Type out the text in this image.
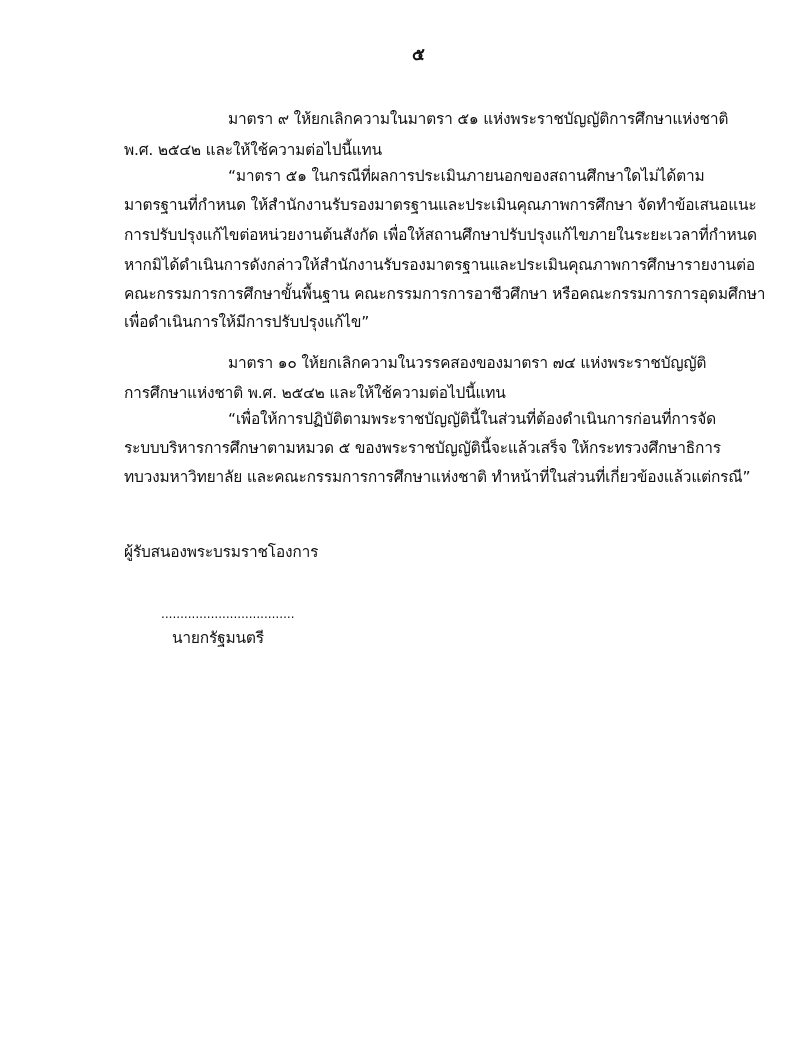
๕
มาตรา ๙ ให้ยกเลิกความในมาตรา ๕๑ แห่งพระราชบัญญัติการศึกษาแห่งชาติ
พ.ศ. ๒๕๔๒ และให้ใช้ความต่อไปนี้แทน
“มาตรา ๕๑ ในกรณีที่ผลการประเมินภายนอกของสถานศึกษาใดไม่ได้ตาม
มาตรฐานที่กำหนด ให้สำนักงานรับรองมาตรฐานและประเมินคุณภาพการศึกษา จัดทำข้อเสนอแนะ
การปรับปรุงแก้ไขต่อหน่วยงานต้นสังกัด เพื่อให้สถานศึกษาปรับปรุงแก้ไขภายในระยะเวลาที่กำหนด
หากมิได้ดำเนินการดังกล่าวให้สำนักงานรับรองมาตรฐานและประเมินคุณภาพการศึกษารายงานต่อ
คณะกรรมการการศึกษาขั้นพื้นฐาน คณะกรรมการการอาชีวศึกษา หรือคณะกรรมการการอุดมศึกษา
เพื่อดำเนินการให้มีการปรับปรุงแก้ไข”
มาตรา ๑๐ ให้ยกเลิกความในวรรคสองของมาตรา ๗๔ แห่งพระราชบัญญัติ
การศึกษาแห่งชาติ พ.ศ. ๒๕๔๒ และให้ใช้ความต่อไปนี้แทน
“เพื่อให้การปฏิบัติตามพระราชบัญญัตินี้ในส่วนที่ต้องดำเนินการก่อนที่การจัด
ระบบบริหารการศึกษาตามหมวด ๕ ของพระราชบัญญัตินี้จะแล้วเสร็จ ให้กระทรวงศึกษาธิการ
ทบวงมหาวิทยาลัย และคณะกรรมการการศึกษาแห่งชาติ ทำหน้าที่ในส่วนที่เกี่ยวข้องแล้วแต่กรณี”
ผู้รับสนองพระบรมราชโองการ
...................................
นายกรัฐมนตรี
